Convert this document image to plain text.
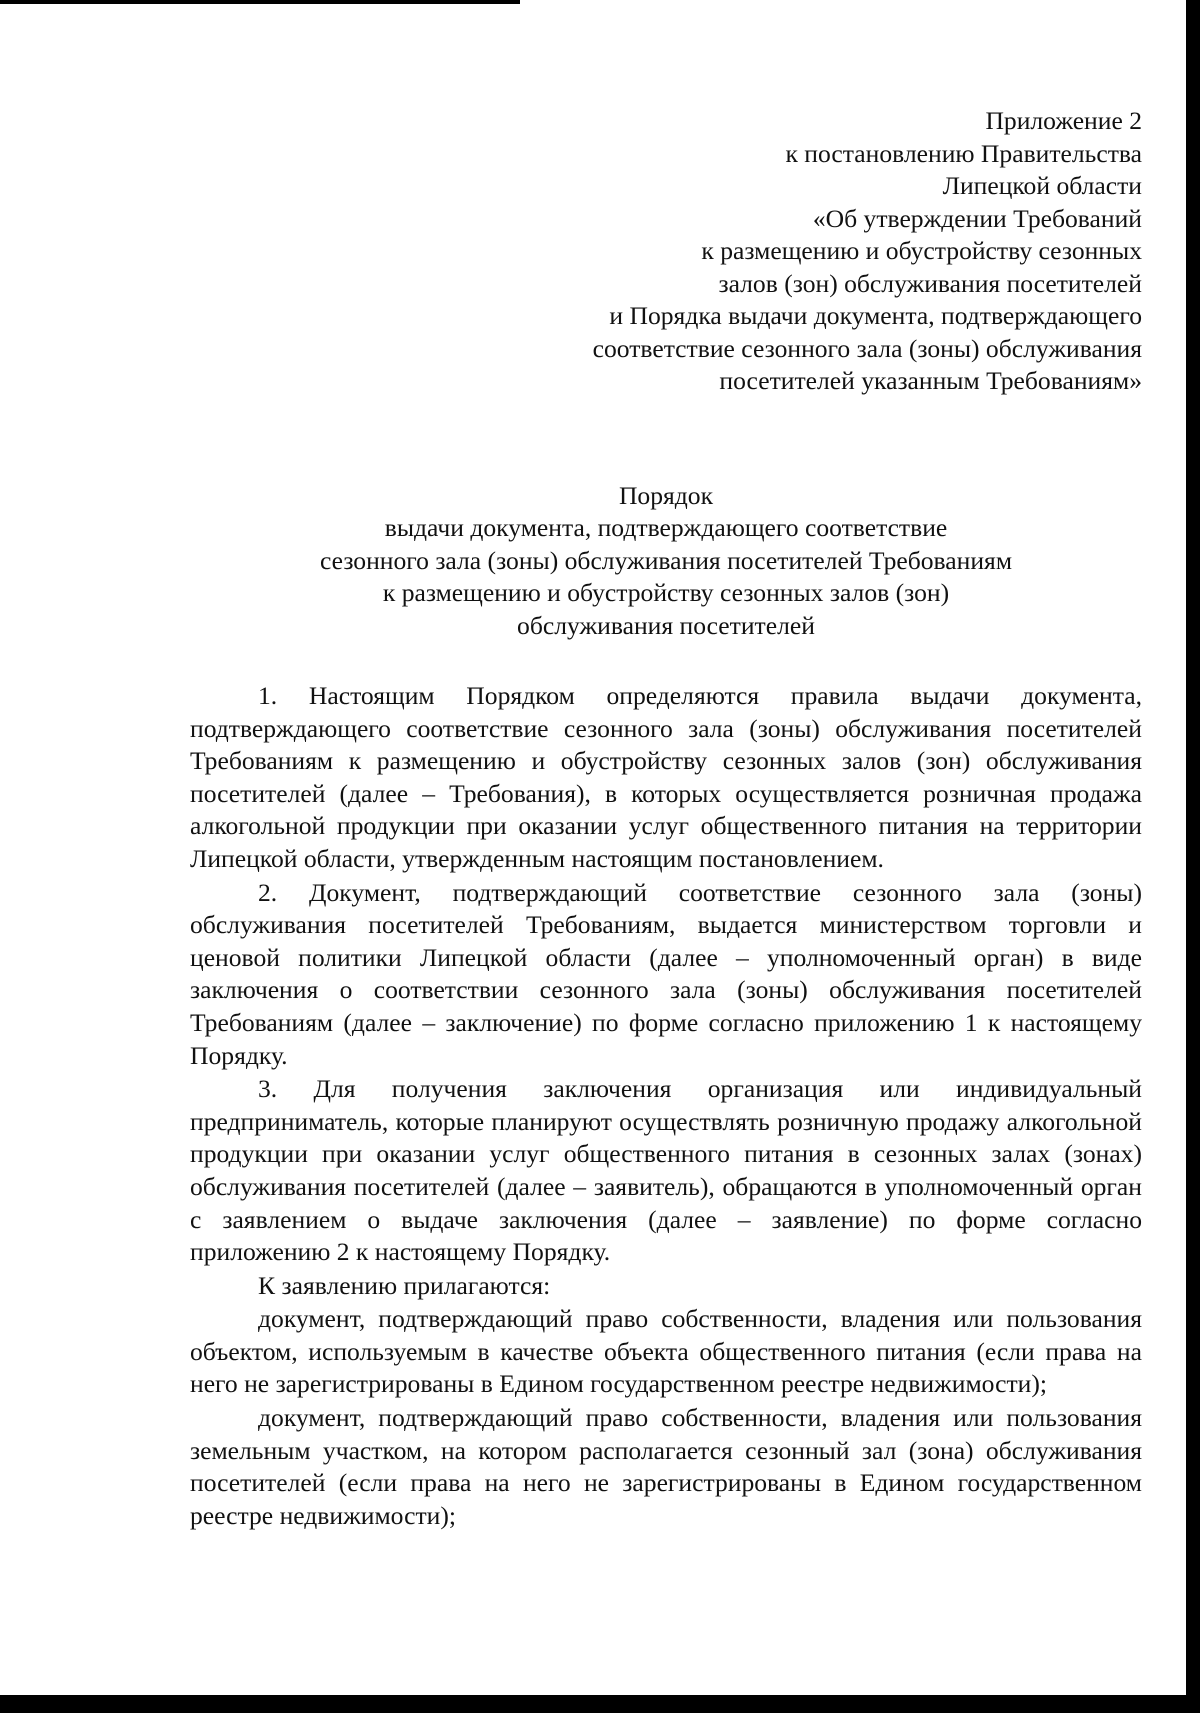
Приложение 2
к постановлению Правительства
Липецкой области
«Об утверждении Требований
к размещению и обустройству сезонных
залов (зон) обслуживания посетителей
и Порядка выдачи документа, подтверждающего
соответствие сезонного зала (зоны) обслуживания
посетителей указанным Требованиям»
Порядок
выдачи документа, подтверждающего соответствие
сезонного зала (зоны) обслуживания посетителей Требованиям
к размещению и обустройству сезонных залов (зон)
обслуживания посетителей

1. Настоящим Порядком определяются правила выдачи документа, подтверждающего соответствие сезонного зала (зоны) обслуживания посетителей Требованиям к размещению и обустройству сезонных залов (зон) обслуживания посетителей (далее – Требования), в которых осуществляется розничная продажа алкогольной продукции при оказании услуг общественного питания на территории Липецкой области, утвержденным настоящим постановлением.

2. Документ, подтверждающий соответствие сезонного зала (зоны) обслуживания посетителей Требованиям, выдается министерством торговли и ценовой политики Липецкой области (далее – уполномоченный орган) в виде заключения о соответствии сезонного зала (зоны) обслуживания посетителей Требованиям (далее – заключение) по форме согласно приложению 1 к настоящему Порядку.

3. Для получения заключения организация или индивидуальный предприниматель, которые планируют осуществлять розничную продажу алкогольной продукции при оказании услуг общественного питания в сезонных залах (зонах) обслуживания посетителей (далее – заявитель), обращаются в уполномоченный орган с заявлением о выдаче заключения (далее – заявление) по форме согласно приложению 2 к настоящему Порядку.

К заявлению прилагаются:

документ, подтверждающий право собственности, владения или пользования объектом, используемым в качестве объекта общественного питания (если права на него не зарегистрированы в Едином государственном реестре недвижимости);

документ, подтверждающий право собственности, владения или пользования земельным участком, на котором располагается сезонный зал (зона) обслуживания посетителей (если права на него не зарегистрированы в Едином государственном реестре недвижимости);
